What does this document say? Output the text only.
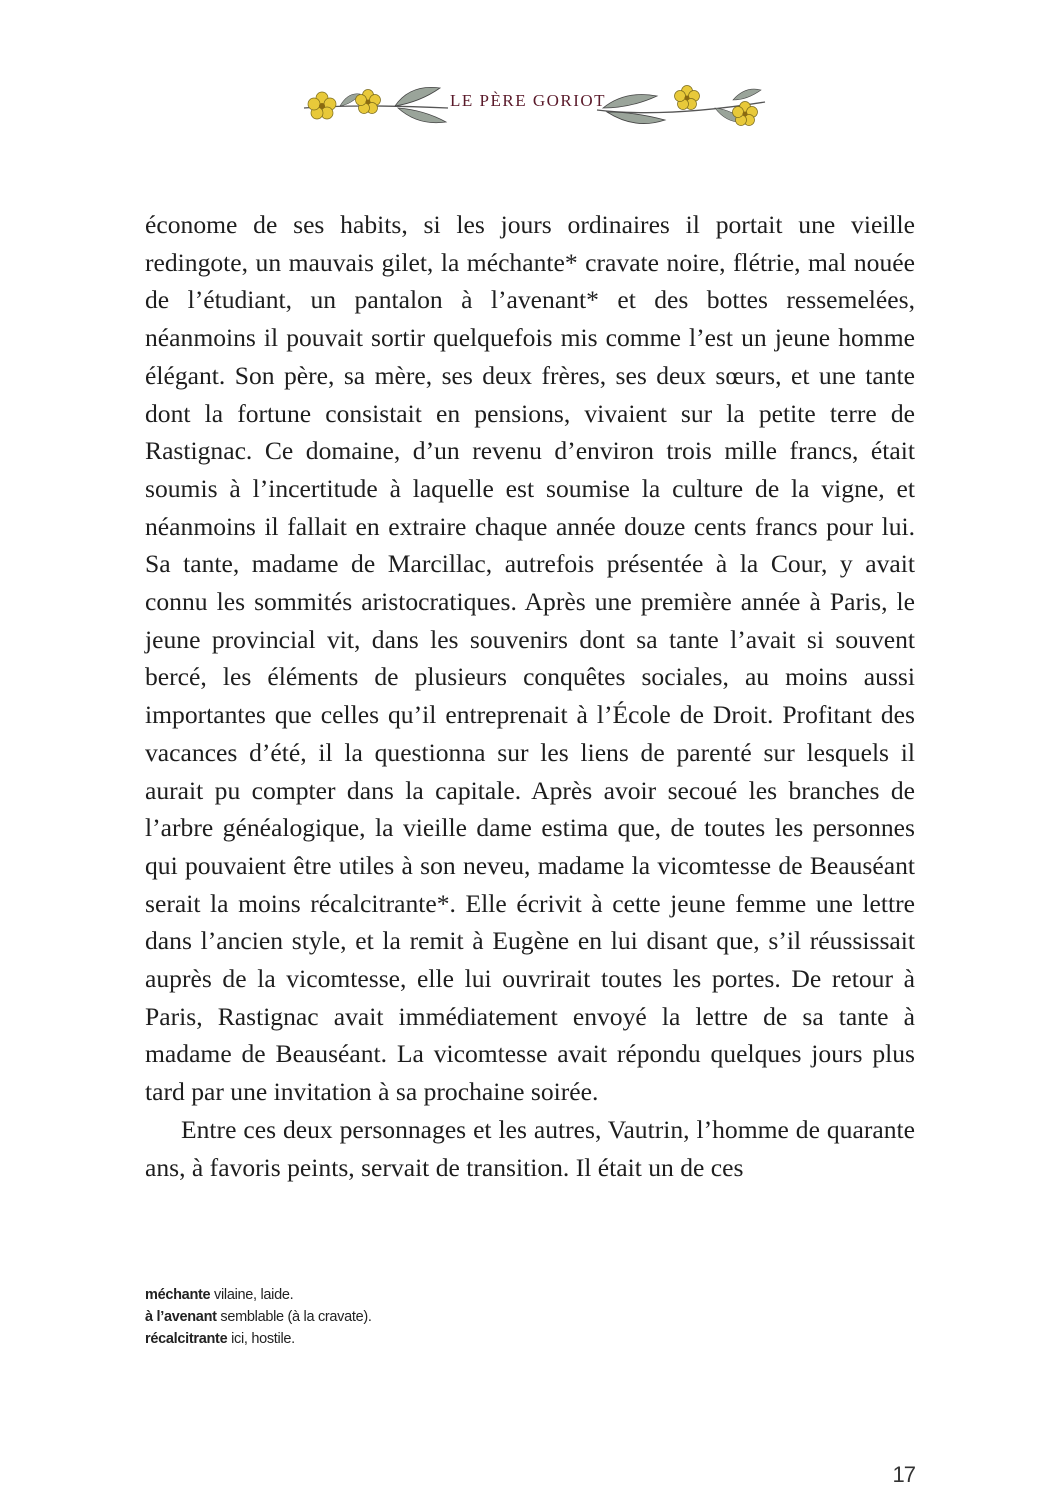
LE PÈRE GORIOT

économe de ses habits, si les jours ordinaires il portait une vieille redingote, un mauvais gilet, la méchante* cravate noire, flétrie, mal nouée de l’étudiant, un pantalon à l’avenant* et des bottes ressemelées, néanmoins il pouvait sortir quelquefois mis comme l’est un jeune homme élégant. Son père, sa mère, ses deux frères, ses deux sœurs, et une tante dont la fortune consistait en pensions, vivaient sur la petite terre de Rastignac. Ce domaine, d’un revenu d’environ trois mille francs, était soumis à l’incertitude à laquelle est soumise la culture de la vigne, et néanmoins il fallait en extraire chaque année douze cents francs pour lui. Sa tante, madame de Marcillac, autrefois présentée à la Cour, y avait connu les sommités aristocratiques. Après une première année à Paris, le jeune provincial vit, dans les souvenirs dont sa tante l’avait si souvent bercé, les éléments de plusieurs conquêtes sociales, au moins aussi importantes que celles qu’il entreprenait à l’École de Droit. Profitant des vacances d’été, il la questionna sur les liens de parenté sur lesquels il aurait pu compter dans la capitale. Après avoir secoué les branches de l’arbre généalogique, la vieille dame estima que, de toutes les personnes qui pouvaient être utiles à son neveu, madame la vicomtesse de Beauséant serait la moins récalcitrante*. Elle écrivit à cette jeune femme une lettre dans l’ancien style, et la remit à Eugène en lui disant que, s’il réussissait auprès de la vicomtesse, elle lui ouvrirait toutes les portes. De retour à Paris, Rastignac avait immédiatement envoyé la lettre de sa tante à madame de Beauséant. La vicomtesse avait répondu quelques jours plus tard par une invitation à sa prochaine soirée.

Entre ces deux personnages et les autres, Vautrin, l’homme de quarante ans, à favoris peints, servait de transition. Il était un de ces

méchante vilaine, laide.
à l’avenant semblable (à la cravate).
récalcitrante ici, hostile.
17
